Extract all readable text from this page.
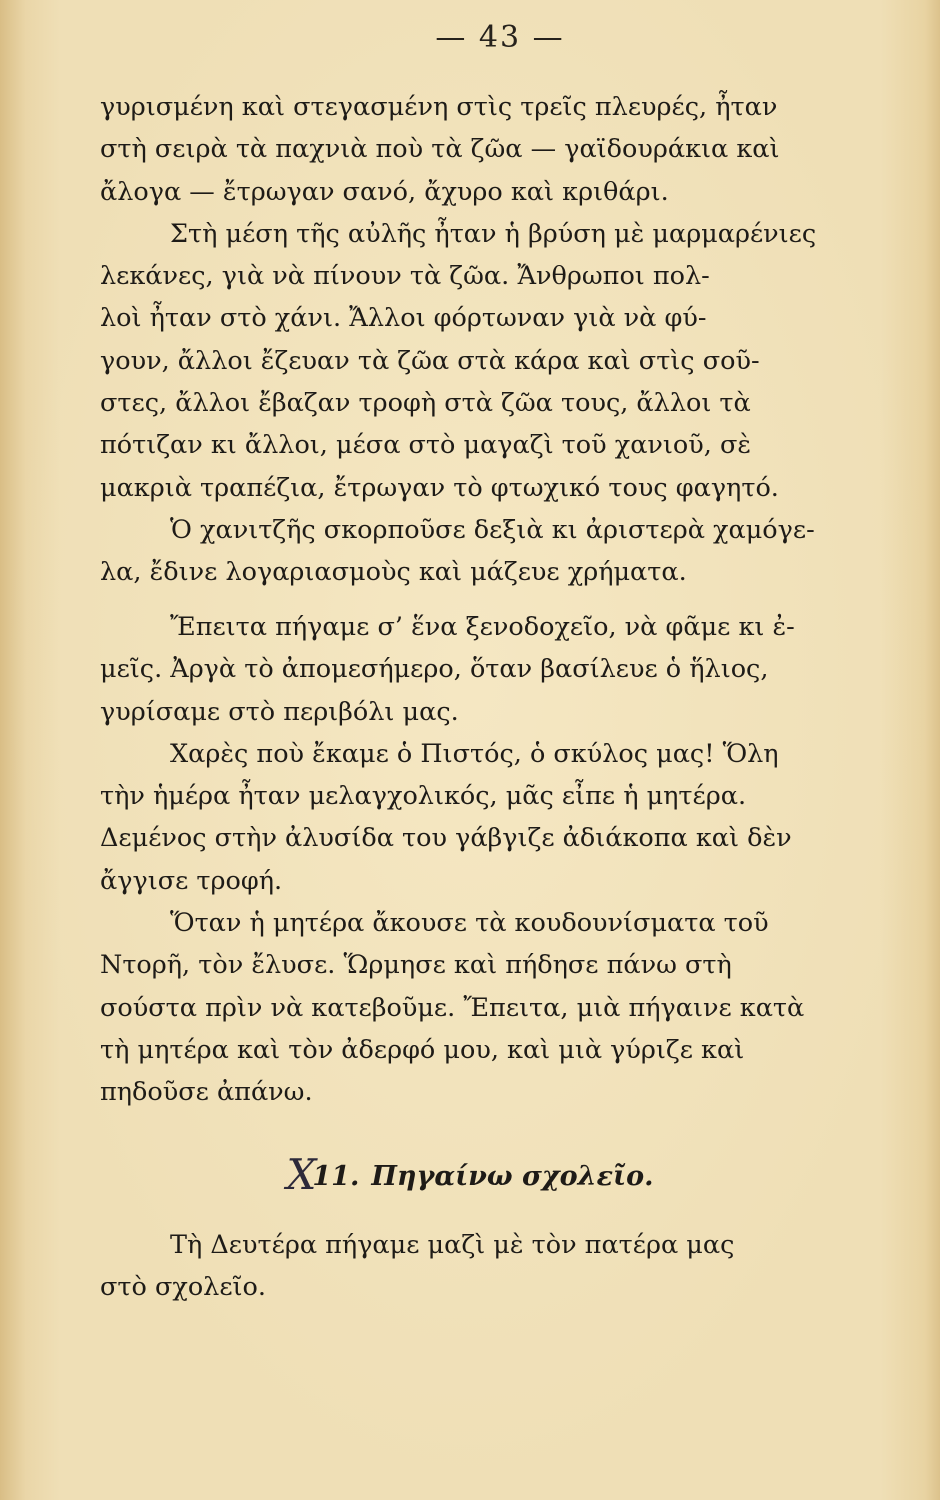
— 43 —
γυρισμένη καὶ στεγασμένη στὶς τρεῖς πλευρές, ἦταν
στὴ σειρὰ τὰ παχνιὰ ποὺ τὰ ζῶα — γαϊδουράκια καὶ
ἄλογα — ἔτρωγαν σανό, ἄχυρο καὶ κριθάρι.
Στὴ μέση τῆς αὐλῆς ἦταν ἡ βρύση μὲ μαρμαρένιες
λεκάνες, γιὰ νὰ πίνουν τὰ ζῶα. Ἄνθρωποι πολ-
λοὶ ἦταν στὸ χάνι. Ἄλλοι φόρτωναν γιὰ νὰ φύ-
γουν, ἄλλοι ἔζευαν τὰ ζῶα στὰ κάρα καὶ στὶς σοῦ-
στες, ἄλλοι ἔβαζαν τροφὴ στὰ ζῶα τους, ἄλλοι τὰ
πότιζαν κι ἄλλοι, μέσα στὸ μαγαζὶ τοῦ χανιοῦ, σὲ
μακριὰ τραπέζια, ἔτρωγαν τὸ φτωχικό τους φαγητό.
Ὁ χανιτζῆς σκορποῦσε δεξιὰ κι ἀριστερὰ χαμόγε-
λα, ἔδινε λογαριασμοὺς καὶ μάζευε χρήματα.
Ἔπειτα πήγαμε σ’ ἕνα ξενοδοχεῖο, νὰ φᾶμε κι ἐ-
μεῖς. Ἀργὰ τὸ ἀπομεσήμερο, ὅταν βασίλευε ὁ ἥλιος,
γυρίσαμε στὸ περιβόλι μας.
Χαρὲς ποὺ ἔκαμε ὁ Πιστός, ὁ σκύλος μας! Ὅλη
τὴν ἡμέρα ἦταν μελαγχολικός, μᾶς εἶπε ἡ μητέρα.
Δεμένος στὴν ἀλυσίδα του γάβγιζε ἀδιάκοπα καὶ δὲν
ἄγγισε τροφή.
Ὅταν ἡ μητέρα ἄκουσε τὰ κουδουνίσματα τοῦ
Ντορῆ, τὸν ἔλυσε. Ὥρμησε καὶ πήδησε πάνω στὴ
σούστα πρὶν νὰ κατεβοῦμε. Ἔπειτα, μιὰ πήγαινε κατὰ
τὴ μητέρα καὶ τὸν ἀδερφό μου, καὶ μιὰ γύριζε καὶ
πηδοῦσε ἀπάνω.
Χ11. Πηγαίνω σχολεῖο.
Τὴ Δευτέρα πήγαμε μαζὶ μὲ τὸν πατέρα μας
στὸ σχολεῖο.
